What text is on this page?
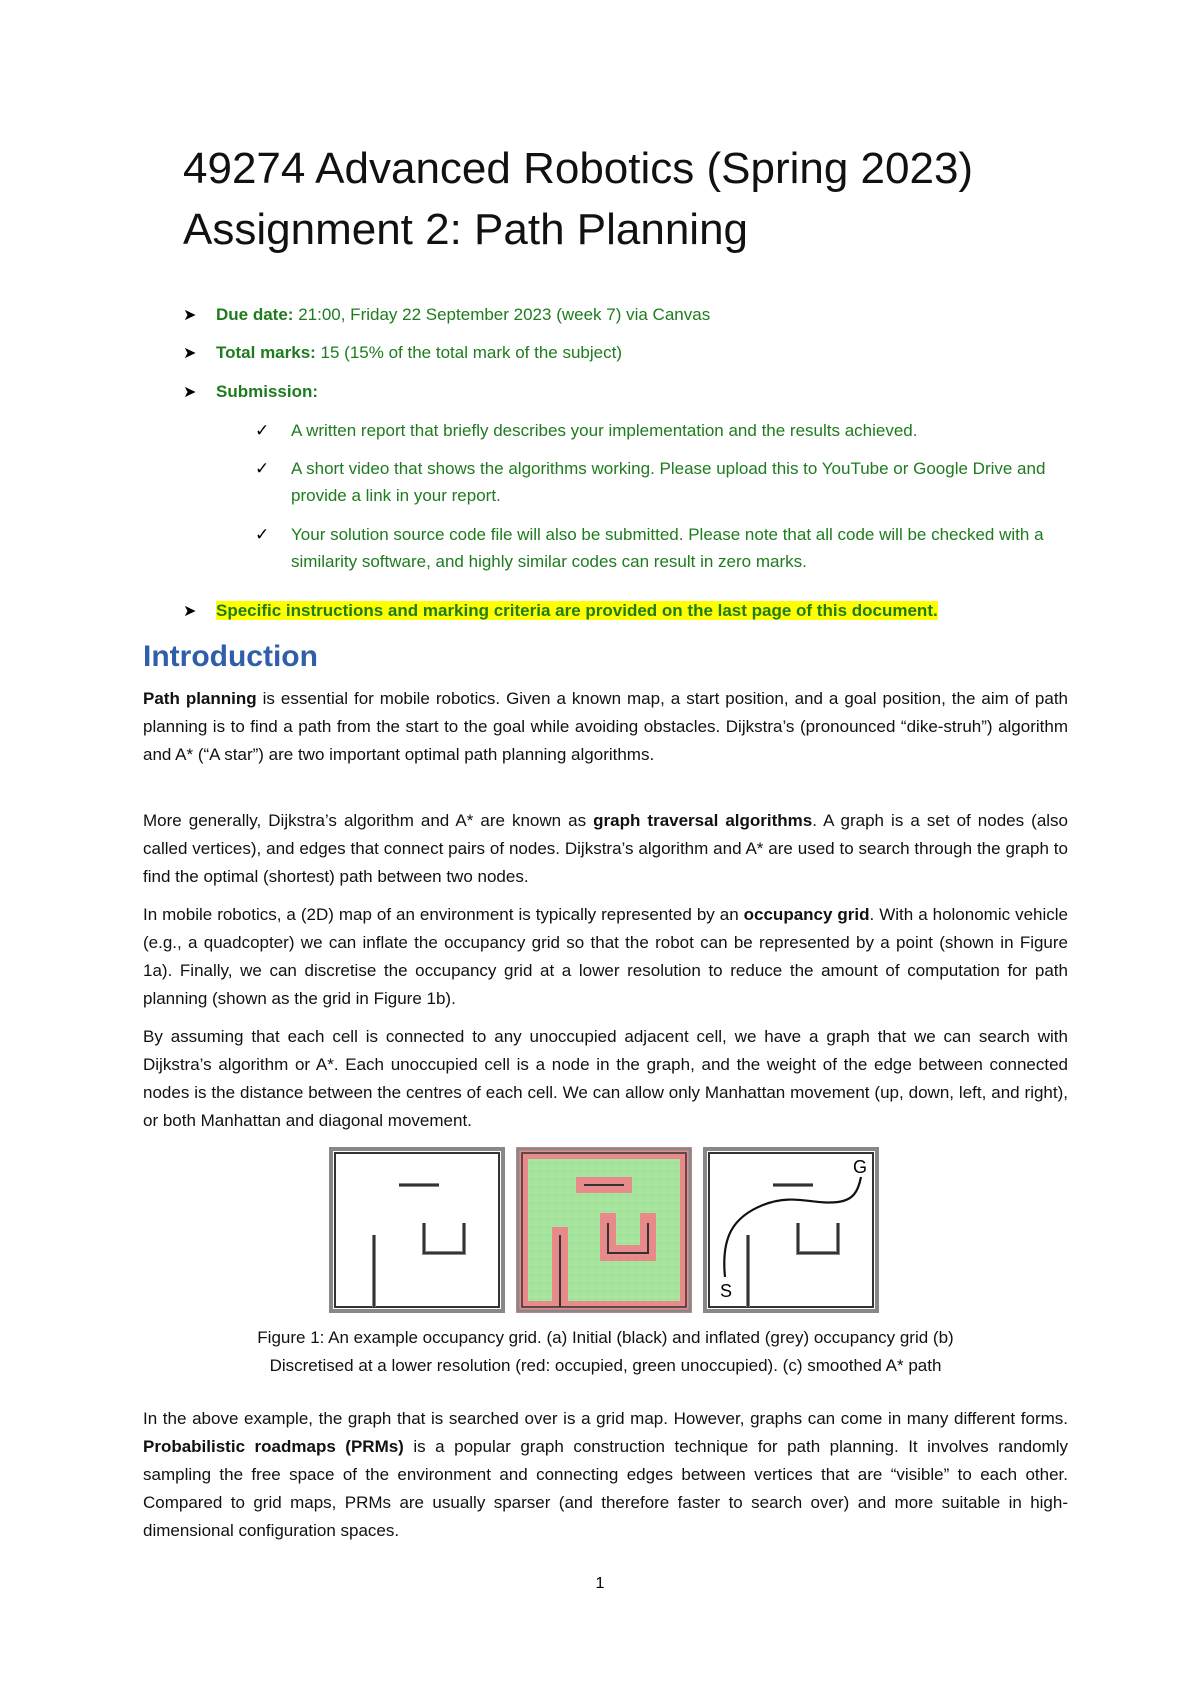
49274 Advanced Robotics (Spring 2023)
Assignment 2: Path Planning
➤ Due date: 21:00, Friday 22 September 2023 (week 7) via Canvas
➤ Total marks: 15 (15% of the total mark of the subject)
➤ Submission:
✓	A written report that briefly describes your implementation and the results achieved.
✓	A short video that shows the algorithms working. Please upload this to YouTube or Google Drive and provide a link in your report.
✓	Your solution source code file will also be submitted. Please note that all code will be checked with a similarity software, and highly similar codes can result in zero marks.
➤ Specific instructions and marking criteria are provided on the last page of this document.
Introduction
Path planning is essential for mobile robotics. Given a known map, a start position, and a goal position, the aim of path planning is to find a path from the start to the goal while avoiding obstacles. Dijkstra’s (pronounced “dike-struh”) algorithm and A* (“A star”) are two important optimal path planning algorithms.
More generally, Dijkstra’s algorithm and A* are known as graph traversal algorithms. A graph is a set of nodes (also called vertices), and edges that connect pairs of nodes. Dijkstra’s algorithm and A* are used to search through the graph to find the optimal (shortest) path between two nodes.
In mobile robotics, a (2D) map of an environment is typically represented by an occupancy grid. With a holonomic vehicle (e.g., a quadcopter) we can inflate the occupancy grid so that the robot can be represented by a point (shown in Figure 1a). Finally, we can discretise the occupancy grid at a lower resolution to reduce the amount of computation for path planning (shown as the grid in Figure 1b).
By assuming that each cell is connected to any unoccupied adjacent cell, we have a graph that we can search with Dijkstra’s algorithm or A*. Each unoccupied cell is a node in the graph, and the weight of the edge between connected nodes is the distance between the centres of each cell. We can allow only Manhattan movement (up, down, left, and right), or both Manhattan and diagonal movement.
S
G
Figure 1: An example occupancy grid. (a) Initial (black) and inflated (grey) occupancy grid (b)
Discretised at a lower resolution (red: occupied, green unoccupied). (c) smoothed A* path
In the above example, the graph that is searched over is a grid map. However, graphs can come in many different forms. Probabilistic roadmaps (PRMs) is a popular graph construction technique for path planning. It involves randomly sampling the free space of the environment and connecting edges between vertices that are “visible” to each other. Compared to grid maps, PRMs are usually sparser (and therefore faster to search over) and more suitable in high-dimensional configuration spaces.
1
